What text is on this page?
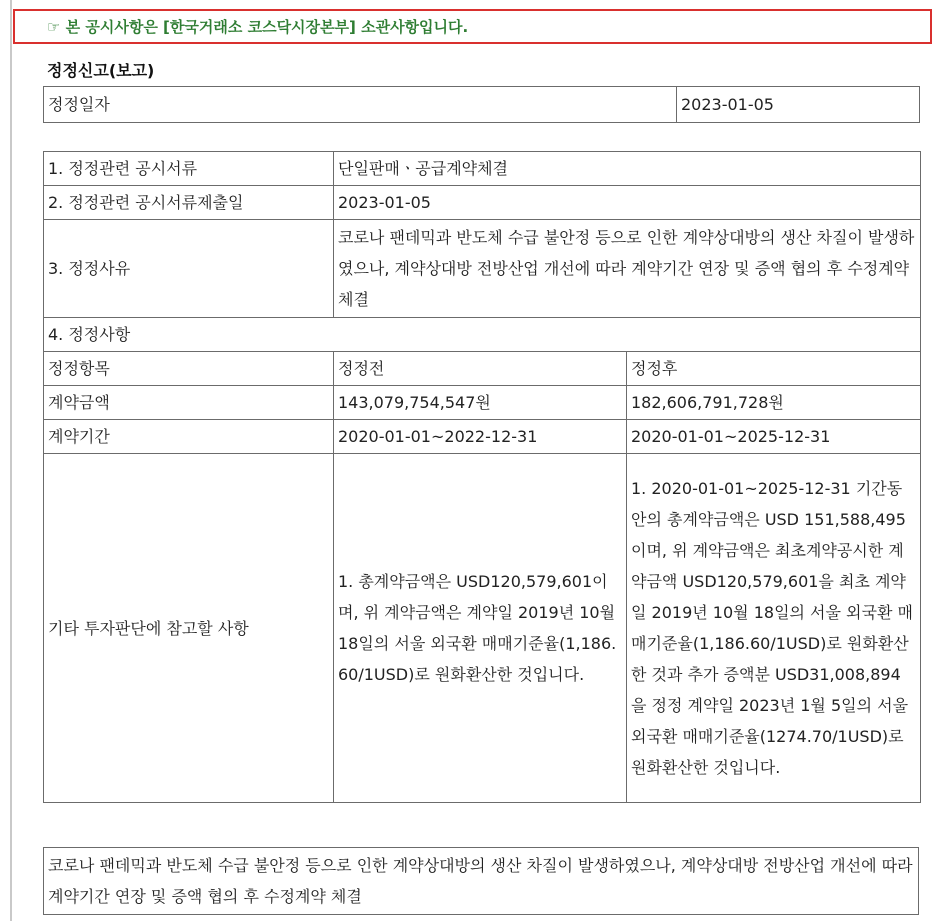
☞ 본 공시사항은 [한국거래소 코스닥시장본부] 소관사항입니다.
정정신고(보고)
정정일자	2023-01-05
1. 정정관련 공시서류	단일판매ㆍ공급계약체결	
2. 정정관련 공시서류제출일	2023-01-05	
3. 정정사유	코로나 팬데믹과 반도체 수급 불안정 등으로 인한 계약상대방의 생산 차질이 발생하였으나, 계약상대방 전방산업 개선에 따라 계약기간 연장 및 증액 협의 후 수정계약 체결	
4. 정정사항		
정정항목	정정전	정정후
계약금액	143,079,754,547원	182,606,791,728원
계약기간	2020-01-01~2022-12-31	2020-01-01~2025-12-31
기타 투자판단에 참고할 사항	1. 총계약금액은 USD120,579,601이며, 위 계약금액은 계약일 2019년 10월 18일의 서울 외국환 매매기준율(1,186.60/1USD)로 원화환산한 것입니다.	1. 2020-01-01~2025-12-31 기간동안의 총계약금액은 USD 151,588,495이며, 위 계약금액은 최초계약공시한 계약금액 USD120,579,601을 최초 계약일 2019년 10월 18일의 서울 외국환 매매기준율(1,186.60/1USD)로 원화환산한 것과 추가 증액분 USD31,008,894을 정정 계약일 2023년 1월 5일의 서울 외국환 매매기준율(1274.70/1USD)로 원화환산한 것입니다.
코로나 팬데믹과 반도체 수급 불안정 등으로 인한 계약상대방의 생산 차질이 발생하였으나, 계약상대방 전방산업 개선에 따라 계약기간 연장 및 증액 협의 후 수정계약 체결
